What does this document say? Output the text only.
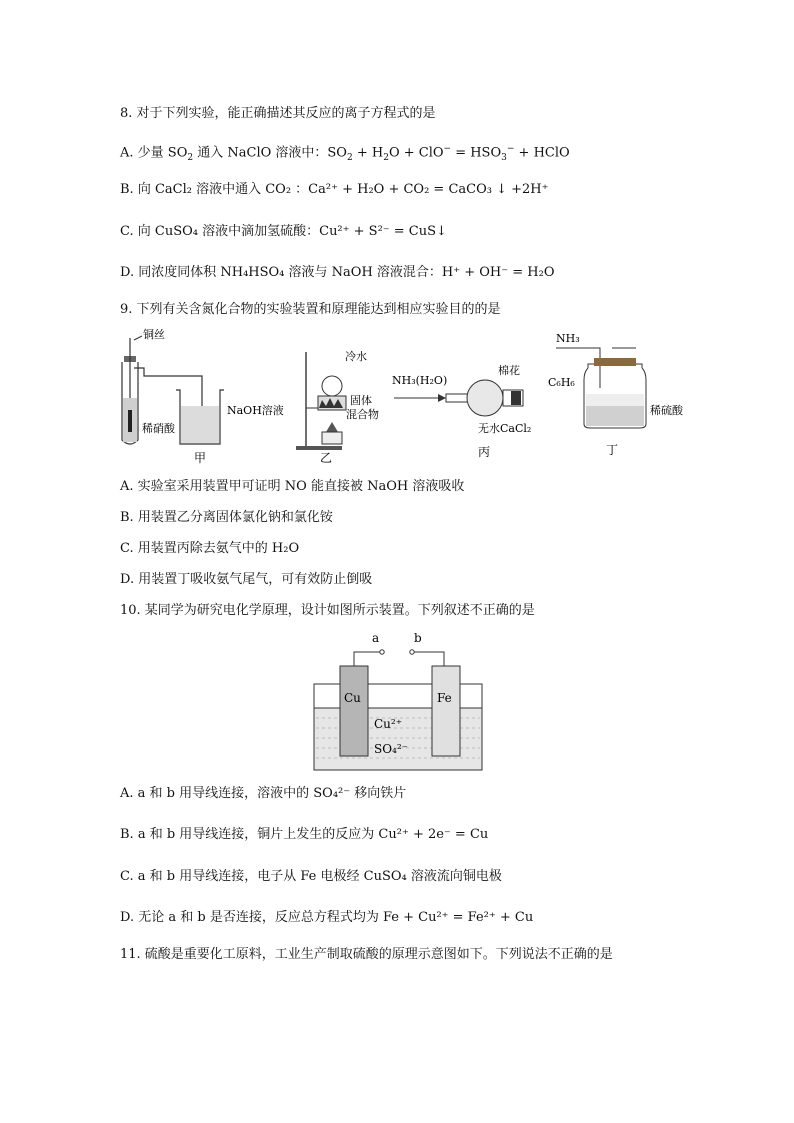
8. 对于下列实验，能正确描述其反应的离子方程式的是
A. 少量 $SO_2$ 通入 NaClO 溶液中：$SO_2 + H_2O + ClO^- = HSO_3^-$ + HClO
B. 向 CaCl₂ 溶液中通入 CO₂ ：Ca²⁺ + H₂O + CO₂ = CaCO₃ ↓ +2H⁺
C. 向 CuSO₄ 溶液中滴加氢硫酸：Cu²⁺ + S²⁻ = CuS↓
D. 同浓度同体积 NH₄HSO₄ 溶液与 NaOH 溶液混合：H⁺ + OH⁻ = H₂O
9. 下列有关含氮化合物的实验装置和原理能达到相应实验目的的是
铜丝
稀硝酸
NaOH溶液
甲
冷水
固体
混合物
乙
NH₃(H₂O)
棉花
无水CaCl₂
丙
NH₃
C₆H₆
稀硫酸
丁
A. 实验室采用装置甲可证明 NO 能直接被 NaOH 溶液吸收
B. 用装置乙分离固体氯化钠和氯化铵
C. 用装置丙除去氨气中的 H₂O
D. 用装置丁吸收氨气尾气，可有效防止倒吸
10. 某同学为研究电化学原理，设计如图所示装置。下列叙述不正确的是
a	b
Cu	Fe
Cu²⁺
SO₄²⁻
A. a 和 b 用导线连接，溶液中的 SO₄²⁻ 移向铁片
B. a 和 b 用导线连接，铜片上发生的反应为 Cu²⁺ + 2e⁻ = Cu
C. a 和 b 用导线连接，电子从 Fe 电极经 CuSO₄ 溶液流向铜电极
D. 无论 a 和 b 是否连接，反应总方程式均为 Fe + Cu²⁺ = Fe²⁺ + Cu
11. 硫酸是重要化工原料，工业生产制取硫酸的原理示意图如下。下列说法不正确的是
